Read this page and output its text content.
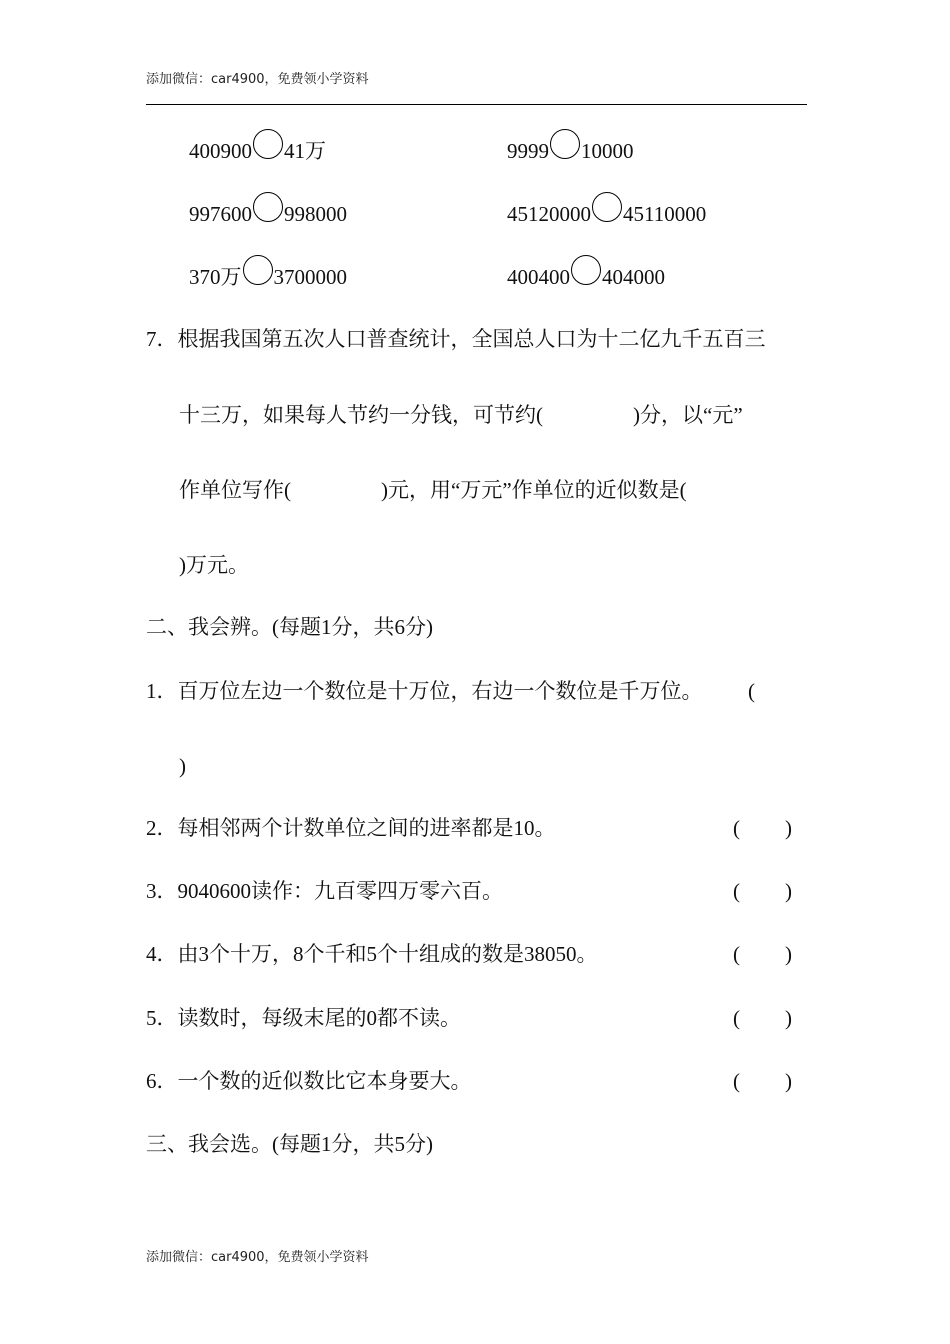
添加微信：car4900，免费领小学资料
400900 41万	9999 10000
997600 998000	45120000 45110000
370万 3700000	400400 404000
7．根据我国第五次人口普查统计，全国总人口为十二亿九千五百三
十三万，如果每人节约一分钱，可节约(	)分，以“元”
作单位写作(	)元，用“万元”作单位的近似数是(
)万元。
二、我会辨。(每题1分，共6分)
1．百万位左边一个数位是十万位，右边一个数位是千万位。 (
)
2．每相邻两个计数单位之间的进率都是10。	( )
3．9040600读作：九百零四万零六百。	( )
4．由3个十万，8个千和5个十组成的数是38050。	( )
5．读数时，每级末尾的0都不读。	( )
6．一个数的近似数比它本身要大。	( )
三、我会选。(每题1分，共5分)
添加微信：car4900，免费领小学资料
